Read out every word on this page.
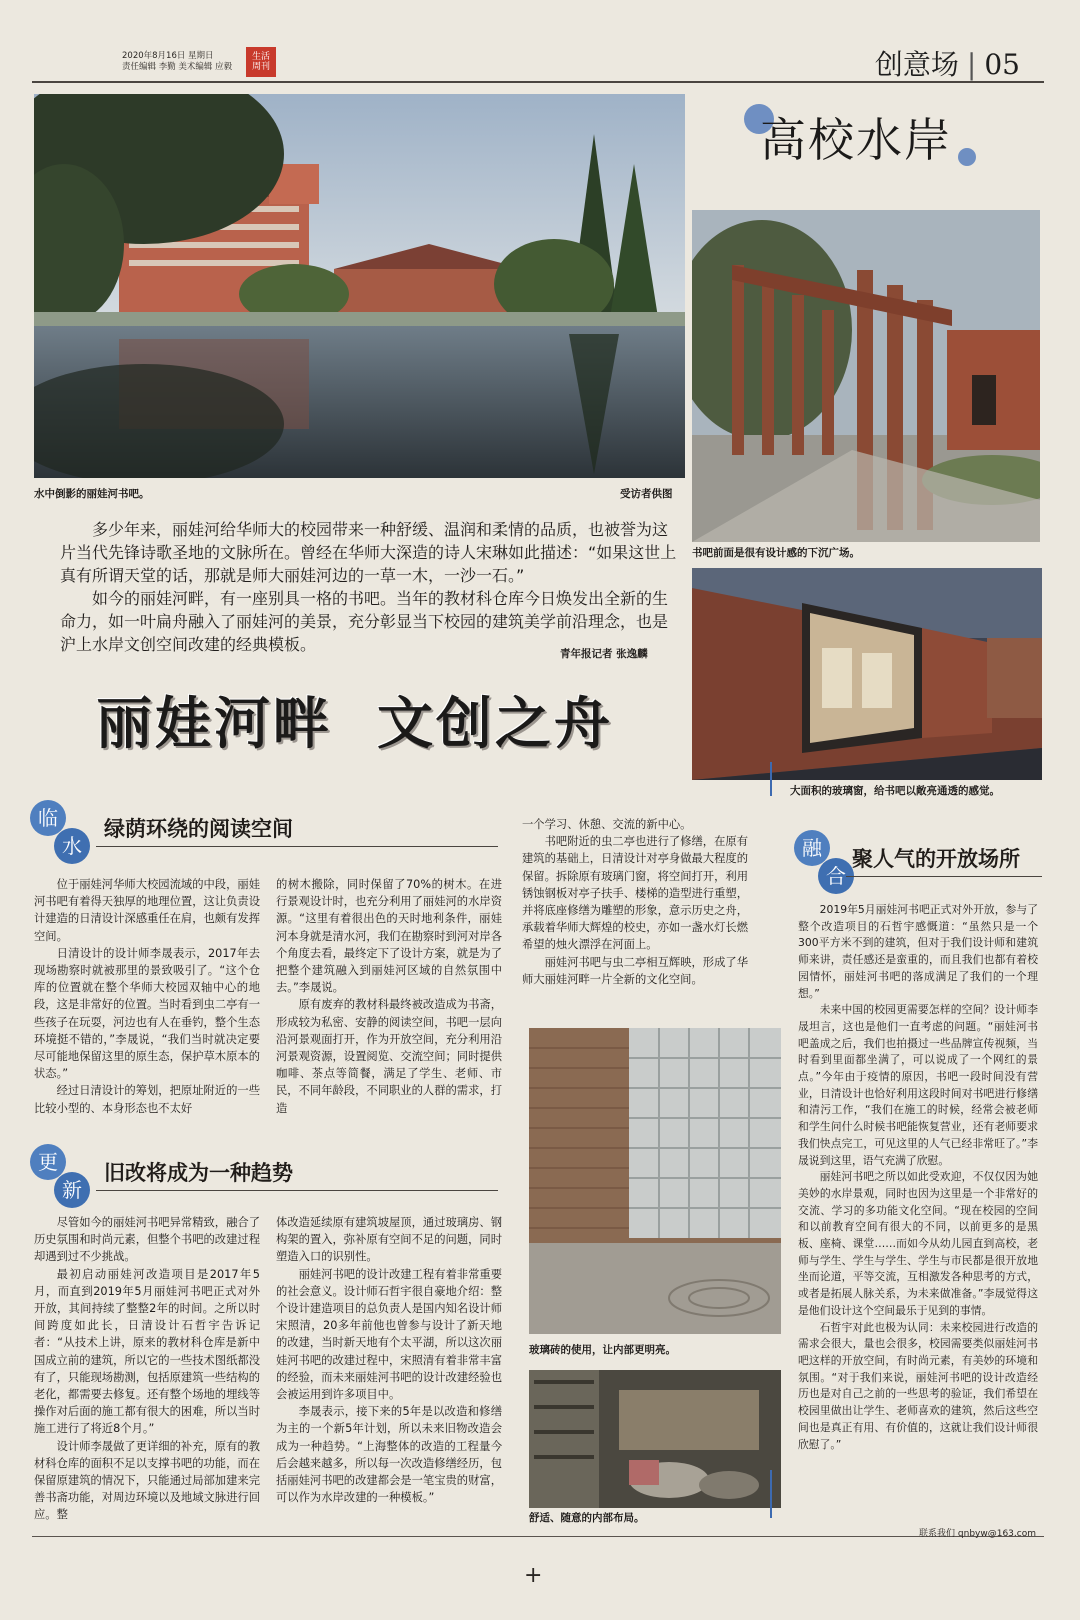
2020年8月16日 星期日
责任编辑 李勤 美术编辑 应毅
生活周刊	创意场 | 05
水中倒影的丽娃河书吧。	受访者供图
高校水岸
书吧前面是很有设计感的下沉广场。
大面积的玻璃窗，给书吧以敞亮通透的感觉。

多少年来，丽娃河给华师大的校园带来一种舒缓、温润和柔情的品质，也被誉为这片当代先锋诗歌圣地的文脉所在。曾经在华师大深造的诗人宋琳如此描述：“如果这世上真有所谓天堂的话，那就是师大丽娃河边的一草一木，一沙一石。”

如今的丽娃河畔，有一座别具一格的书吧。当年的教材科仓库今日焕发出全新的生命力，如一叶扁舟融入了丽娃河的美景，充分彰显当下校园的建筑美学前沿理念，也是沪上水岸文创空间改建的经典模板。	青年报记者 张逸麟
丽娃河畔  文创之舟
临
水
绿荫环绕的阅读空间

位于丽娃河华师大校园流域的中段，丽娃河书吧有着得天独厚的地理位置，这让负责设计建造的日清设计深感重任在肩，也颇有发挥空间。

日清设计的设计师李晟表示，2017年去现场勘察时就被那里的景致吸引了。“这个仓库的位置就在整个华师大校园双轴中心的地段，这是非常好的位置。当时看到虫二亭有一些孩子在玩耍，河边也有人在垂钓，整个生态环境挺不错的，”李晟说，“我们当时就决定要尽可能地保留这里的原生态，保护草木原本的状态。”

经过日清设计的筹划，把原址附近的一些比较小型的、本身形态也不太好

的树木搬除，同时保留了70%的树木。在进行景观设计时，也充分利用了丽娃河的水岸资源。“这里有着很出色的天时地利条件，丽娃河本身就是清水河，我们在勘察时到河对岸各个角度去看，最终定下了设计方案，就是为了把整个建筑融入到丽娃河区域的自然氛围中去。”李晟说。

原有废弃的教材科最终被改造成为书斋，形成较为私密、安静的阅读空间，书吧一层向沿河景观面打开，作为开放空间，充分利用沿河景观资源，设置阅览、交流空间；同时提供咖啡、茶点等简餐，满足了学生、老师、市民，不同年龄段，不同职业的人群的需求，打造

一个学习、休憩、交流的新中心。

书吧附近的虫二亭也进行了修缮，在原有建筑的基础上，日清设计对亭身做最大程度的保留。拆除原有玻璃门窗，将空间打开，利用锈蚀钢板对亭子扶手、楼梯的造型进行重塑，并将底座修缮为雕塑的形象，意示历史之舟，承载着华师大辉煌的校史，亦如一盏水灯长燃希望的烛火漂浮在河面上。

丽娃河书吧与虫二亭相互辉映，形成了华师大丽娃河畔一片全新的文化空间。

更
新
旧改将成为一种趋势

尽管如今的丽娃河书吧异常精致，融合了历史氛围和时尚元素，但整个书吧的改建过程却遇到过不少挑战。

最初启动丽娃河改造项目是2017年5月，而直到2019年5月丽娃河书吧正式对外开放，其间持续了整整2年的时间。之所以时间跨度如此长，日清设计石哲宇告诉记者：“从技术上讲，原来的教材科仓库是新中国成立前的建筑，所以它的一些技术图纸都没有了，只能现场勘测，包括原建筑一些结构的老化，都需要去修复。还有整个场地的埋线等操作对后面的施工都有很大的困难，所以当时施工进行了将近8个月。”

设计师李晟做了更详细的补充，原有的教材科仓库的面积不足以支撑书吧的功能，而在保留原建筑的情况下，只能通过局部加建来完善书斋功能，对周边环境以及地域文脉进行回应。整

体改造延续原有建筑坡屋顶，通过玻璃房、钢构架的置入，弥补原有空间不足的问题，同时塑造入口的识别性。

丽娃河书吧的设计改建工程有着非常重要的社会意义。设计师石哲宇很自豪地介绍：整个设计建造项目的总负责人是国内知名设计师宋照清，20多年前他也曾参与设计了新天地的改建，当时新天地有个太平湖，所以这次丽娃河书吧的改建过程中，宋照清有着非常丰富的经验，而未来丽娃河书吧的设计改建经验也会被运用到许多项目中。

李晟表示，接下来的5年是以改造和修缮为主的一个新5年计划，所以未来旧物改造会成为一种趋势。“上海整体的改造的工程量今后会越来越多，所以每一次改造修缮经历，包括丽娃河书吧的改建都会是一笔宝贵的财富，可以作为水岸改建的一种模板。”

玻璃砖的使用，让内部更明亮。
舒适、随意的内部布局。
融
合
聚人气的开放场所

2019年5月丽娃河书吧正式对外开放，参与了整个改造项目的石哲宇感慨道：“虽然只是一个300平方米不到的建筑，但对于我们设计师和建筑师来讲，责任感还是蛮重的，而且我们也都有着校园情怀，丽娃河书吧的落成满足了我们的一个理想。”

未来中国的校园更需要怎样的空间？设计师李晟坦言，这也是他们一直考虑的问题。“丽娃河书吧盖成之后，我们也拍摄过一些品牌宣传视频，当时看到里面都坐满了，可以说成了一个网红的景点。”今年由于疫情的原因，书吧一段时间没有营业，日清设计也恰好利用这段时间对书吧进行修缮和清污工作，“我们在施工的时候，经常会被老师和学生问什么时候书吧能恢复营业，还有老师要求我们快点完工，可见这里的人气已经非常旺了。”李晟说到这里，语气充满了欣慰。

丽娃河书吧之所以如此受欢迎，不仅仅因为她美妙的水岸景观，同时也因为这里是一个非常好的交流、学习的多功能文化空间。“现在校园的空间和以前教育空间有很大的不同，以前更多的是黑板、座椅、课堂……而如今从幼儿园直到高校，老师与学生、学生与学生、学生与市民都是很开放地坐而论道，平等交流，互相激发各种思考的方式，或者是拓展人脉关系，为未来做准备。”李晟觉得这是他们设计这个空间最乐于见到的事情。

石哲宇对此也极为认同：未来校园进行改造的需求会很大，量也会很多，校园需要类似丽娃河书吧这样的开放空间，有时尚元素，有美妙的环境和氛围。“对于我们来说，丽娃河书吧的设计改造经历也是对自己之前的一些思考的验证，我们希望在校园里做出让学生、老师喜欢的建筑，然后这些空间也是真正有用、有价值的，这就让我们设计师很欣慰了。”

联系我们 qnbyw@163.com
+
